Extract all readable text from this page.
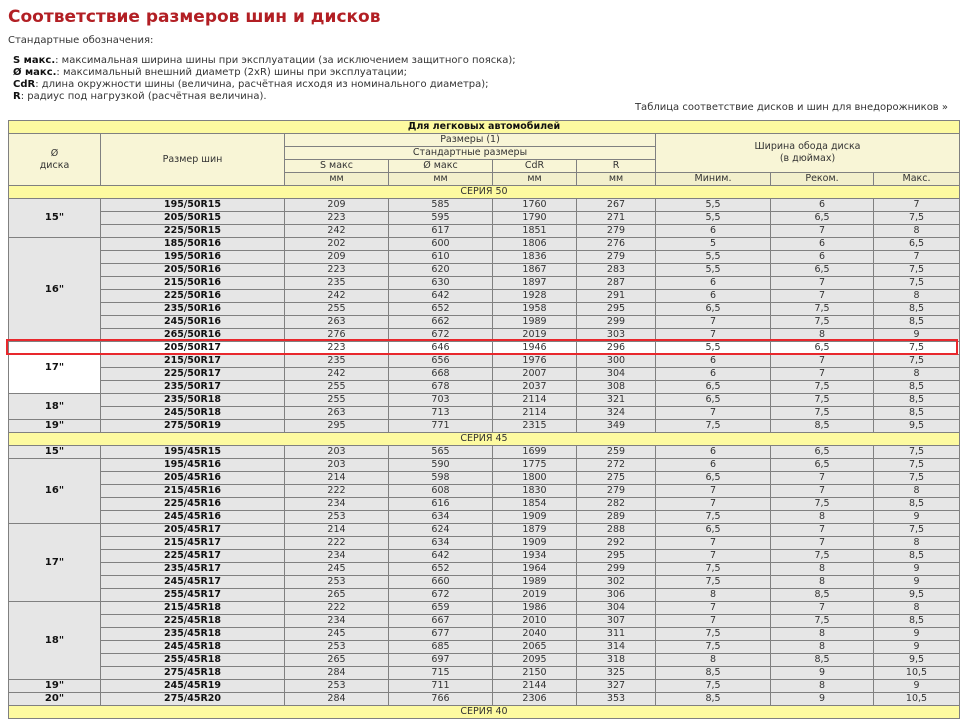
Соответствие размеров шин и дисков
Стандартные обозначения:
S макс.: максимальная ширина шины при эксплуатации (за исключением защитного пояска);
Ø макс.: максимальный внешний диаметр (2xR) шины при эксплуатации;
CdR: длина окружности шины (величина, расчётная исходя из номинального диаметра);
R: радиус под нагрузкой (расчётная величина).
Таблица соответствие дисков и шин для внедорожников »
Для легковых автомобилей								
Ø
диска	Размер шин	Размеры (1)				Ширина обода диска
(в дюймах)		
		Стандартные размеры						
		S макс	Ø макс	CdR	R			
		мм	мм	мм	мм	Миним.	Реком.	Макс.
СЕРИЯ 50								
15"	195/50R15	209	585	1760	267	5,5	6	7
	205/50R15	223	595	1790	271	5,5	6,5	7,5
	225/50R15	242	617	1851	279	6	7	8
16"	185/50R16	202	600	1806	276	5	6	6,5
	195/50R16	209	610	1836	279	5,5	6	7
	205/50R16	223	620	1867	283	5,5	6,5	7,5
	215/50R16	235	630	1897	287	6	7	7,5
	225/50R16	242	642	1928	291	6	7	8
	235/50R16	255	652	1958	295	6,5	7,5	8,5
	245/50R16	263	662	1989	299	7	7,5	8,5
	265/50R16	276	672	2019	303	7	8	9
17"	205/50R17	223	646	1946	296	5,5	6,5	7,5
	215/50R17	235	656	1976	300	6	7	7,5
	225/50R17	242	668	2007	304	6	7	8
	235/50R17	255	678	2037	308	6,5	7,5	8,5
18"	235/50R18	255	703	2114	321	6,5	7,5	8,5
	245/50R18	263	713	2114	324	7	7,5	8,5
19"	275/50R19	295	771	2315	349	7,5	8,5	9,5
СЕРИЯ 45								
15"	195/45R15	203	565	1699	259	6	6,5	7,5
16"	195/45R16	203	590	1775	272	6	6,5	7,5
	205/45R16	214	598	1800	275	6,5	7	7,5
	215/45R16	222	608	1830	279	7	7	8
	225/45R16	234	616	1854	282	7	7,5	8,5
	245/45R16	253	634	1909	289	7,5	8	9
17"	205/45R17	214	624	1879	288	6,5	7	7,5
	215/45R17	222	634	1909	292	7	7	8
	225/45R17	234	642	1934	295	7	7,5	8,5
	235/45R17	245	652	1964	299	7,5	8	9
	245/45R17	253	660	1989	302	7,5	8	9
	255/45R17	265	672	2019	306	8	8,5	9,5
18"	215/45R18	222	659	1986	304	7	7	8
	225/45R18	234	667	2010	307	7	7,5	8,5
	235/45R18	245	677	2040	311	7,5	8	9
	245/45R18	253	685	2065	314	7,5	8	9
	255/45R18	265	697	2095	318	8	8,5	9,5
	275/45R18	284	715	2150	325	8,5	9	10,5
19"	245/45R19	253	711	2144	327	7,5	8	9
20"	275/45R20	284	766	2306	353	8,5	9	10,5
СЕРИЯ 40								
